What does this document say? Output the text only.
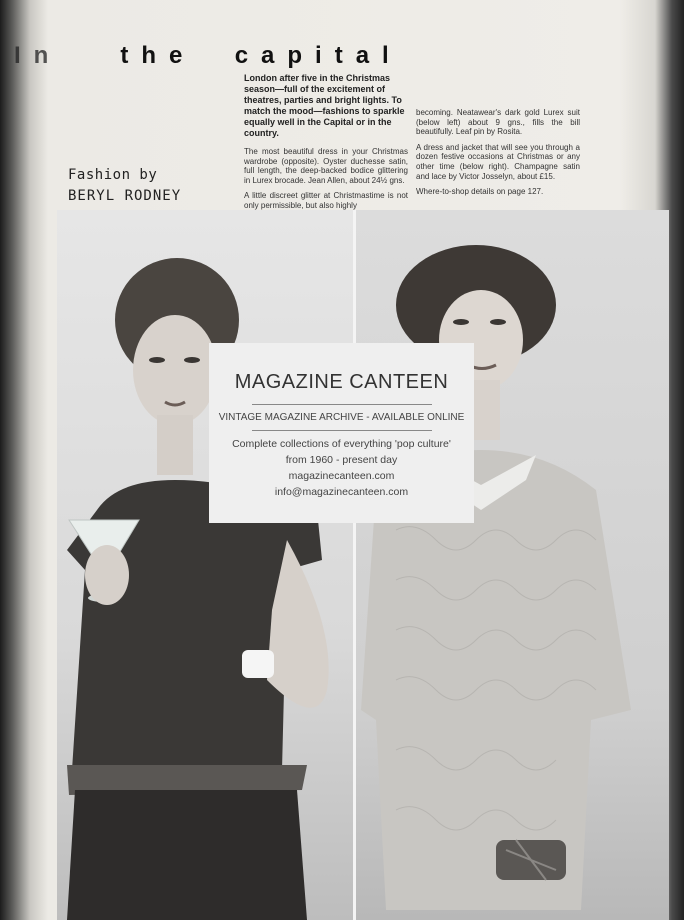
In the capital
Fashion by
BERYL RODNEY

London after five in the Christmas season—full of the excitement of theatres, parties and bright lights. To match the mood—fashions to sparkle equally well in the Capital or in the country.

The most beautiful dress in your Christmas wardrobe (opposite). Oyster duchesse satin, full length, the deep-backed bodice glittering in Lurex brocade. Jean Allen, about 24½ gns.

A little discreet glitter at Christmastime is not only permissible, but also highly

becoming. Neatawear's dark gold Lurex suit (below left) about 9 gns., fills the bill beautifully. Leaf pin by Rosita.

A dress and jacket that will see you through a dozen festive occasions at Christmas or any other time (below right). Champagne satin and lace by Victor Josselyn, about £15.

Where-to-shop details on page 127.

MAGAZINE CANTEEN
VINTAGE MAGAZINE ARCHIVE - AVAILABLE ONLINE
Complete collections of everything 'pop culture'
from 1960 - present day
magazinecanteen.com
info@magazinecanteen.com
